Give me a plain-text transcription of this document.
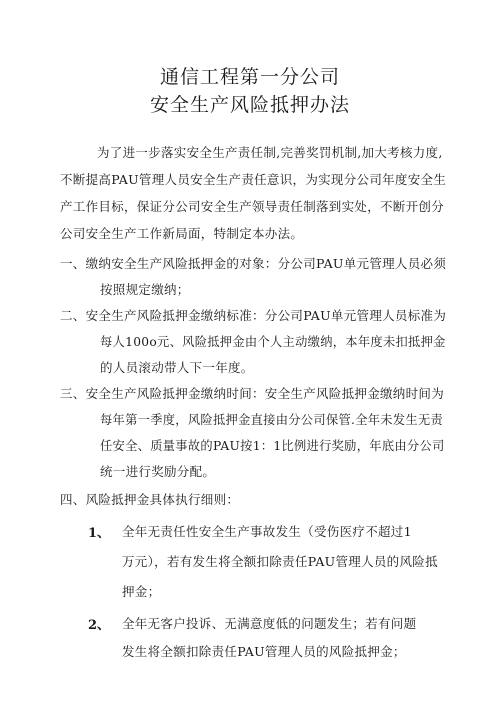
通信工程第一分公司
安全生产风险抵押办法
为了进一步落实安全生产责任制,完善奖罚机制,加大考核力度,
不断提高PAU管理人员安全生产责任意识，为实现分公司年度安全生
产工作目标，保证分公司安全生产领导责任制落到实处，不断开创分
公司安全生产工作新局面，特制定本办法。
一、缴纳安全生产风险抵押金的对象：分公司PAU单元管理人员必须
按照规定缴纳；
二、安全生产风险抵押金缴纳标准：分公司PAU单元管理人员标准为
每人100o元、风险抵押金由个人主动缴纳，本年度未扣抵押金
的人员滚动带人下一年度。
三、安全生产风险抵押金缴纳时间：安全生产风险抵押金缴纳时间为
每年第一季度，风险抵押金直接由分公司保管.全年未发生无责
任安全、质量事故的PAU按1：1比例进行奖励，年底由分公司
统一进行奖励分配。
四、风险抵押金具体执行细则：
1、 全年无责任性安全生产事故发生（受伤医疗不超过1
万元），若有发生将全额扣除责任PAU管理人员的风险抵
押金；
2、 全年无客户投诉、无满意度低的问题发生；若有问题
发生将全额扣除责任PAU管理人员的风险抵押金；
